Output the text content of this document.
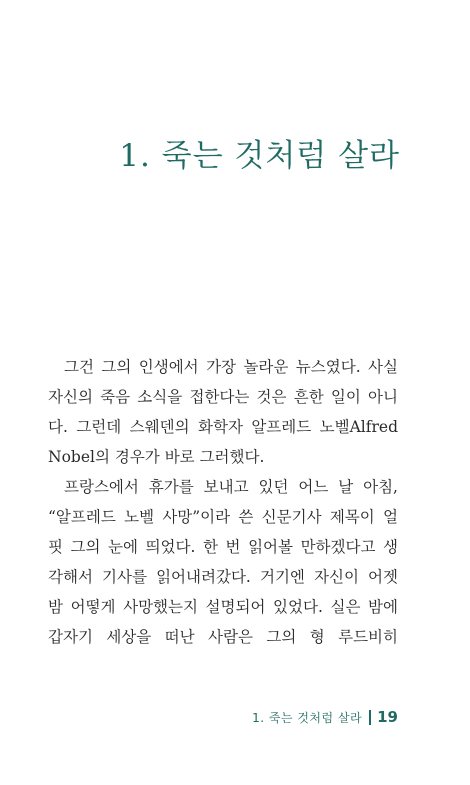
1. 죽는 것처럼 살라

그건 그의 인생에서 가장 놀라운 뉴스였다. 사실
자신의 죽음 소식을 접한다는 것은 흔한 일이 아니
다. 그런데 스웨덴의 화학자 알프레드 노벨Alfred
Nobel의 경우가 바로 그러했다.

프랑스에서 휴가를 보내고 있던 어느 날 아침,
“알프레드 노벨 사망”이라 쓴 신문기사 제목이 얼
핏 그의 눈에 띄었다. 한 번 읽어볼 만하겠다고 생
각해서 기사를 읽어내려갔다. 거기엔 자신이 어젯
밤 어떻게 사망했는지 설명되어 있었다. 실은 밤에
갑자기 세상을 떠난 사람은 그의 형 루드비히

1. 죽는 것처럼 살라 19
